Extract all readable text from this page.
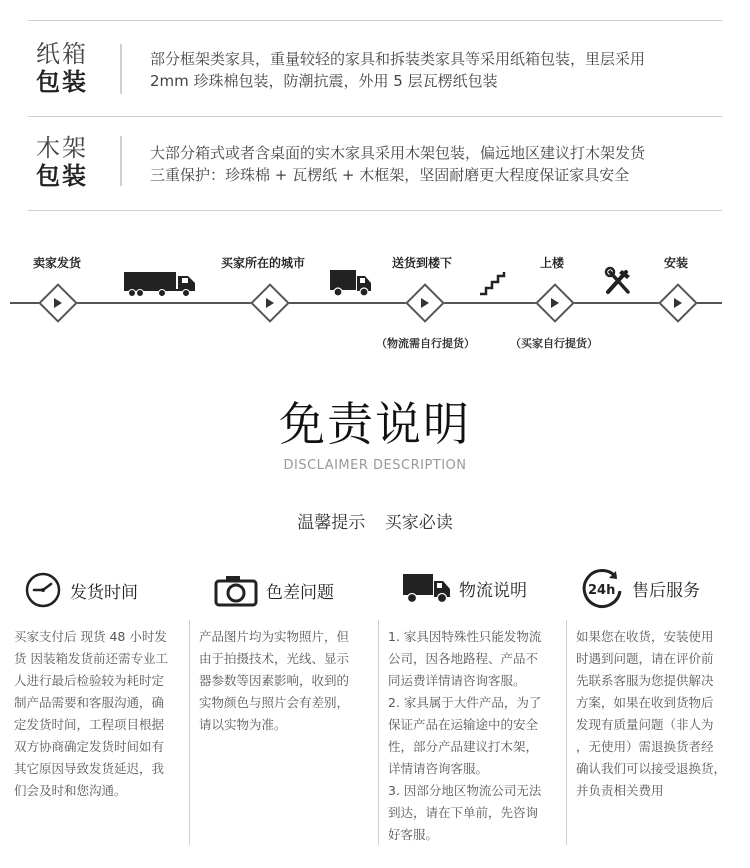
纸箱
包装
部分框架类家具，重量较轻的家具和拆装类家具等采用纸箱包装，里层采用
2mm 珍珠棉包装，防潮抗震，外用 5 层瓦楞纸包装
木架
包装
大部分箱式或者含桌面的实木家具采用木架包装，偏远地区建议打木架发货
三重保护：珍珠棉 + 瓦楞纸 + 木框架，坚固耐磨更大程度保证家具安全
卖家发货	买家所在的城市	送货到楼下	上楼	安装
（物流需自行提货）	（买家自行提货）
免责说明
DISCLAIMER DESCRIPTION
温馨提示 买家必读
发货时间	色差问题	物流说明	24h 售后服务
买家支付后 现货 48 小时发
货 因装箱发货前还需专业工
人进行最后检验较为耗时定
制产品需要和客服沟通，确
定发货时间，工程项目根据
双方协商确定发货时间如有
其它原因导致发货延迟，我
们会及时和您沟通。
产品图片均为实物照片，但
由于拍摄技术，光线、显示
器参数等因素影响，收到的
实物颜色与照片会有差别，
请以实物为准。
1. 家具因特殊性只能发物流
公司，因各地路程、产品不
同运费详情请咨询客服。
2. 家具属于大件产品，为了
保证产品在运输途中的安全
性，部分产品建议打木架，
详情请咨询客服。
3. 因部分地区物流公司无法
到达，请在下单前，先咨询
好客服。
如果您在收货，安装使用
时遇到问题，请在评价前
先联系客服为您提供解决
方案，如果在收到货物后
发现有质量问题（非人为
，无使用）需退换货者经
确认我们可以接受退换货，
并负责相关费用
